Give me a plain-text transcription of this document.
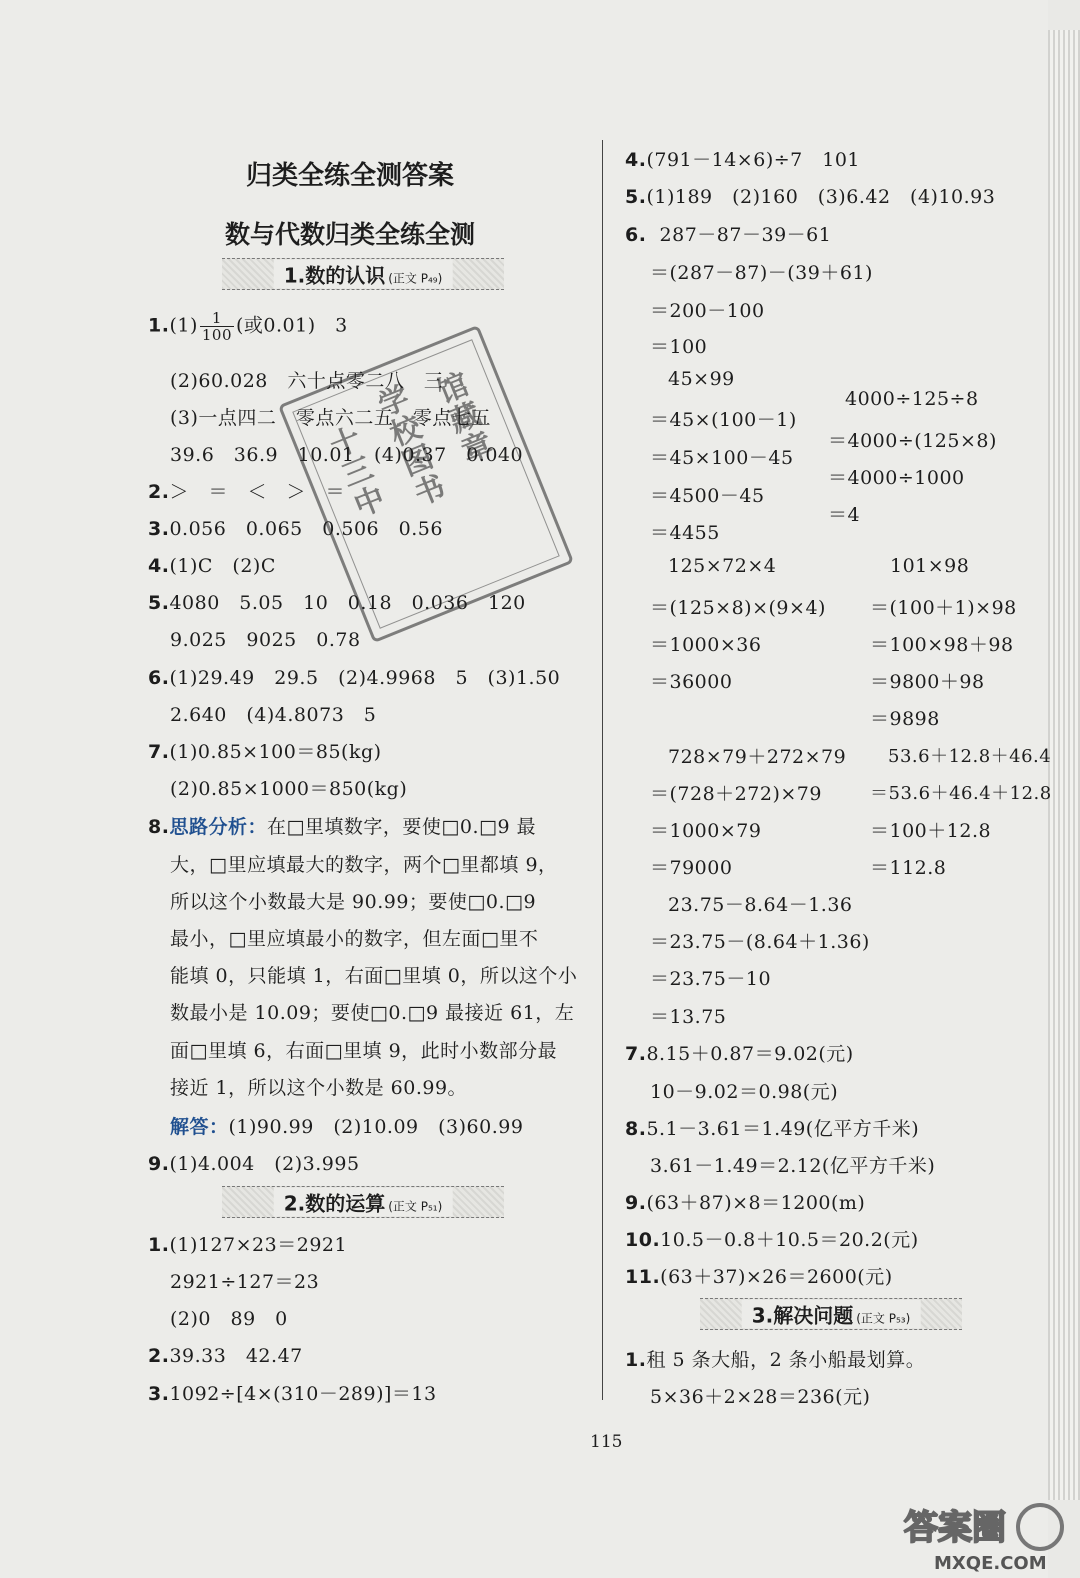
归类全练全测答案
数与代数归类全练全测
1.数的认识 (正文 P₄₉)
$1.(1) \frac{1}{100}$ (或0.01)　3
(2)60.028　六十点零二八　三
(3)一点四二　零点六二五　零点七五
39.6　36.9　10.01　(4)0.37　0.040
2.＞　＝　＜　＞　＝
3.0.056　0.065　0.506　0.56
4.(1)C　(2)C
5.4080　5.05　10　0.18　0.036　120
9.025　9025　0.78
6.(1)29.49　29.5　(2)4.9968　5　(3)1.50
2.640　(4)4.8073　5
7.(1)0.85×100＝85(kg)
(2)0.85×1000＝850(kg)
8.思路分析：在□里填数字，要使□0.□9 最
大，□里应填最大的数字，两个□里都填 9，
所以这个小数最大是 90.99；要使□0.□9
最小，□里应填最小的数字，但左面□里不
能填 0，只能填 1，右面□里填 0，所以这个小
数最小是 10.09；要使□0.□9 最接近 61，左
面□里填 6，右面□里填 9，此时小数部分最
接近 1，所以这个小数是 60.99。
解答：(1)90.99　(2)10.09　(3)60.99
9.(1)4.004　(2)3.995
2.数的运算 (正文 P₅₁)
1.(1)127×23＝2921
2921÷127＝23
(2)0　89　0
2.39.33　42.47
3.1092÷[4×(310－289)]＝13
4.(791－14×6)÷7　101
5.(1)189　(2)160　(3)6.42　(4)10.93
6. 287－87－39－61
＝(287－87)－(39＋61)
＝200－100
＝100
45×99
＝45×(100－1)
＝45×100－45
＝4500－45
＝4455
4000÷125÷8
＝4000÷(125×8)
＝4000÷1000
＝4
125×72×4
＝(125×8)×(9×4)
＝1000×36
＝36000
101×98
＝(100＋1)×98
＝100×98＋98
＝9800＋98
＝9898
728×79＋272×79
＝(728＋272)×79
＝1000×79
＝79000
53.6＋12.8＋46.4
＝53.6＋46.4＋12.8
＝100＋12.8
＝112.8
23.75－8.64－1.36
＝23.75－(8.64＋1.36)
＝23.75－10
＝13.75
7.8.15＋0.87＝9.02(元)
10－9.02＝0.98(元)
8.5.1－3.61＝1.49(亿平方千米)
3.61－1.49＝2.12(亿平方千米)
9.(63＋87)×8＝1200(m)
10.10.5－0.8＋10.5＝20.2(元)
11.(63＋37)×26＝2600(元)
3.解决问题 (正文 P₅₃)
1.租 5 条大船，2 条小船最划算。
5×36＋2×28＝236(元)
115
十三中
学校图书
馆藏章
答案圈
MXQE.COM
